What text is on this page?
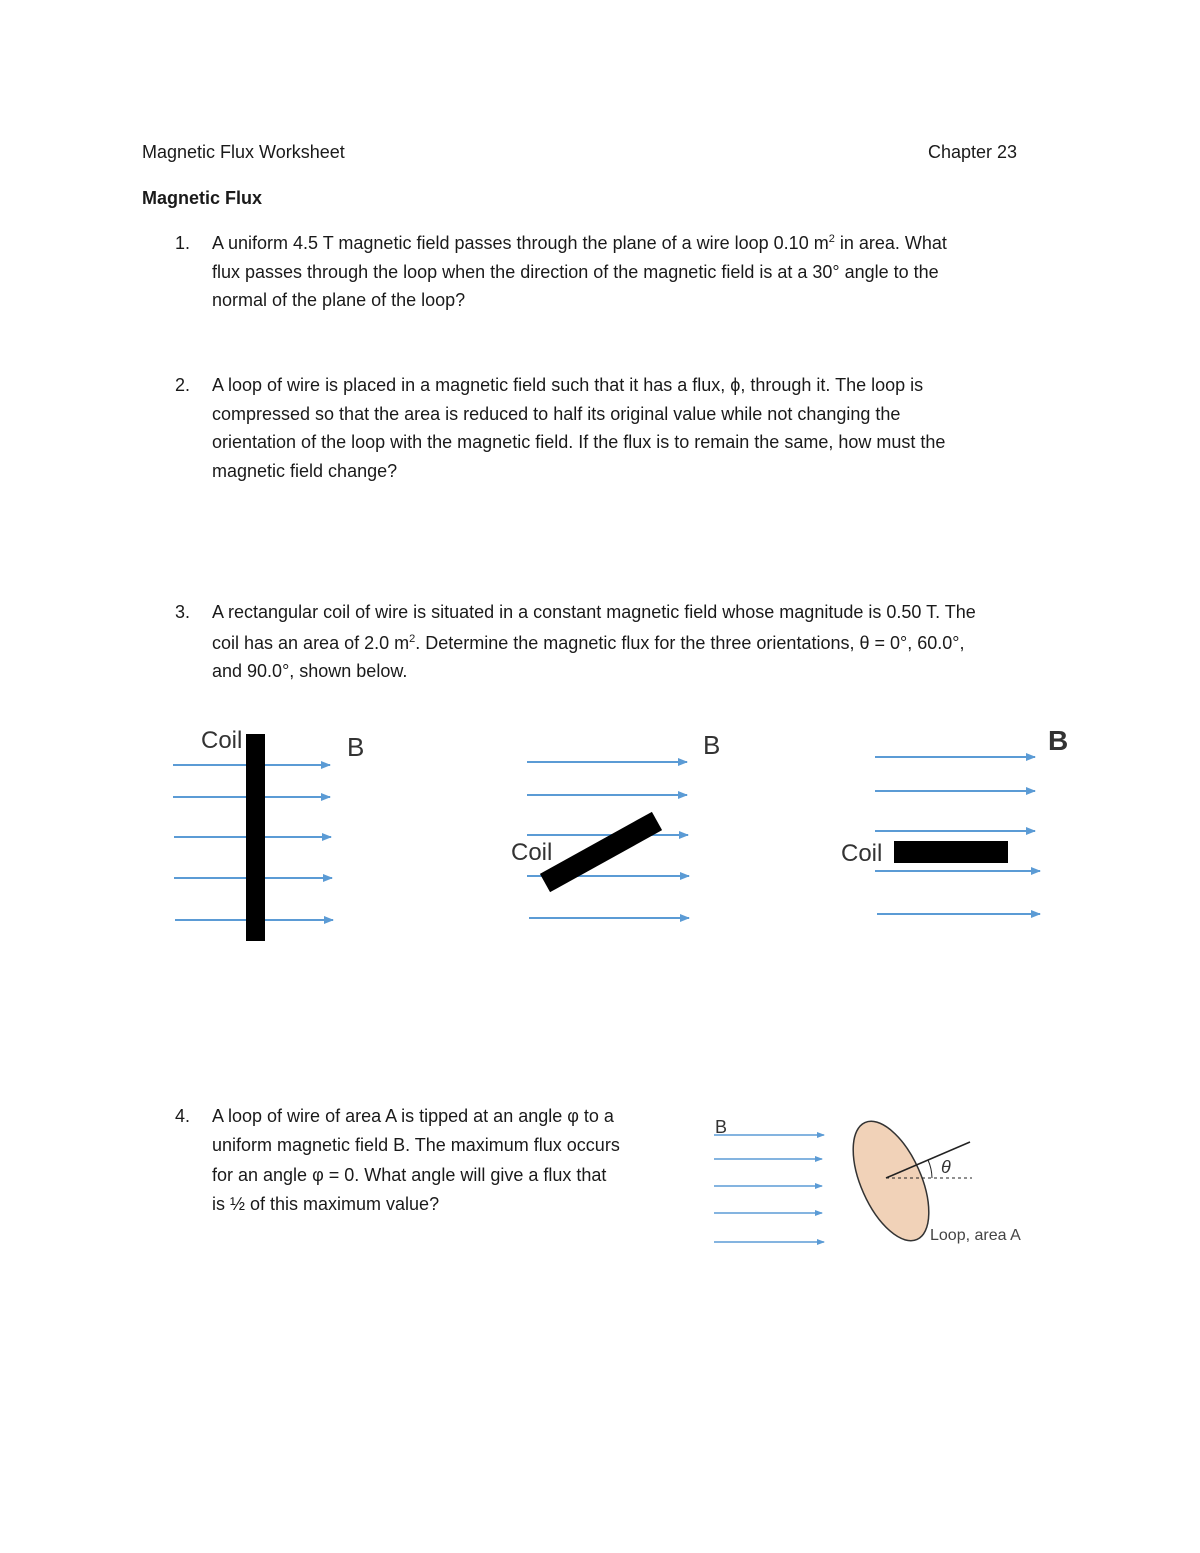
Magnetic Flux Worksheet	Chapter 23
Magnetic Flux
1.	A uniform 4.5 T magnetic field passes through the plane of a wire loop 0.10 $m^2$ in area. What

flux passes through the loop when the direction of the magnetic field is at a 30° angle to the

normal of the plane of the loop?

2.	A loop of wire is placed in a magnetic field such that it has a flux, ϕ, through it. The loop is

compressed so that the area is reduced to half its original value while not changing the

orientation of the loop with the magnetic field. If the flux is to remain the same, how must the

magnetic field change?

3.	A rectangular coil of wire is situated in a constant magnetic field whose magnitude is 0.50 T. The

coil has an area of 2.0 $m^2$. Determine the magnetic flux for the three orientations, θ = 0°, 60.0°,

and 90.0°, shown below.

Coil	B
Coil
B
Coil
B
4.	A loop of wire of area A is tipped at an angle φ to a

uniform magnetic field B. The maximum flux occurs

for an angle φ = 0. What angle will give a flux that

is ½ of this maximum value?

B
θ
Loop, area A
